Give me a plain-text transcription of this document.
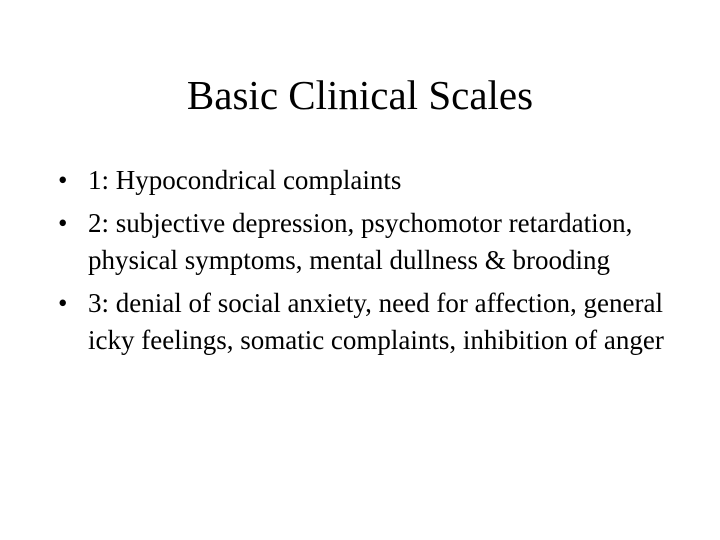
Basic Clinical Scales
• 1: Hypocondrical complaints
• 2: subjective depression, psychomotor retardation, physical symptoms, mental dullness & brooding
• 3: denial of social anxiety, need for affection, general icky feelings, somatic complaints, inhibition of anger
